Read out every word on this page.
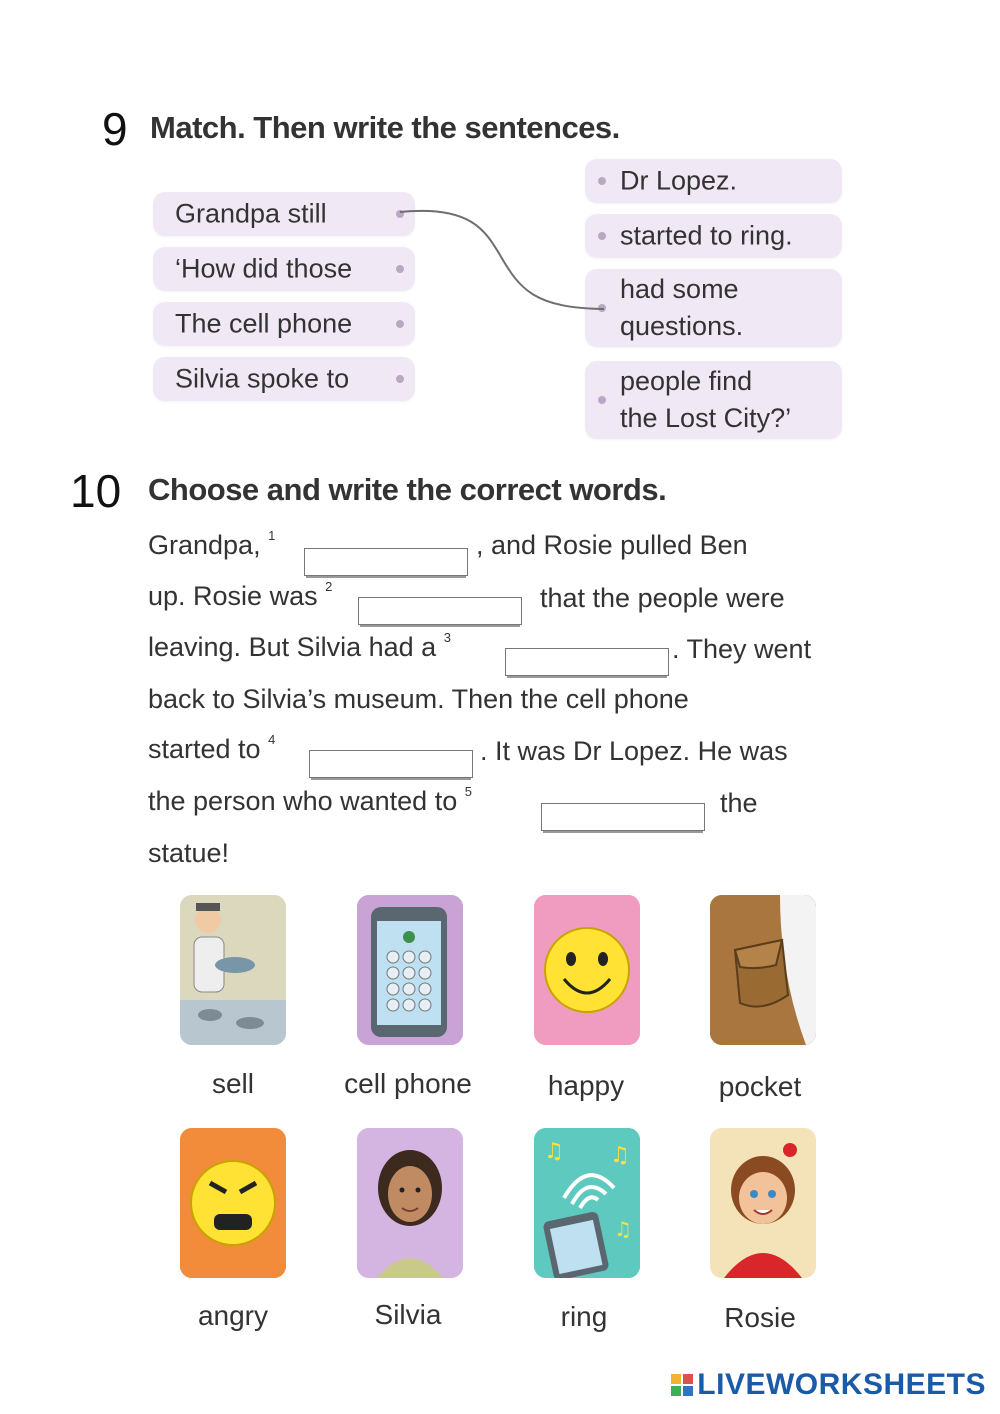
9 Match. Then write the sentences.
Grandpa still
‘How did those
The cell phone
Silvia spoke to
Dr Lopez.
started to ring.
had some
questions.
people find
the Lost City?’
10 Choose and write the correct words.
Grandpa, $^1$	, and Rosie pulled Ben
up. Rosie was $^2$	that the people were
leaving. But Silvia had a $^3$	. They went
back to Silvia’s museum. Then the cell phone
started to $^4$	. It was Dr Lopez. He was
the person who wanted to $^5$	the
statue!
sell	cell phone	happy	pocket
♫ ♫
♫
angry	Silvia	ring	Rosie
LIVEWORKSHEETS
